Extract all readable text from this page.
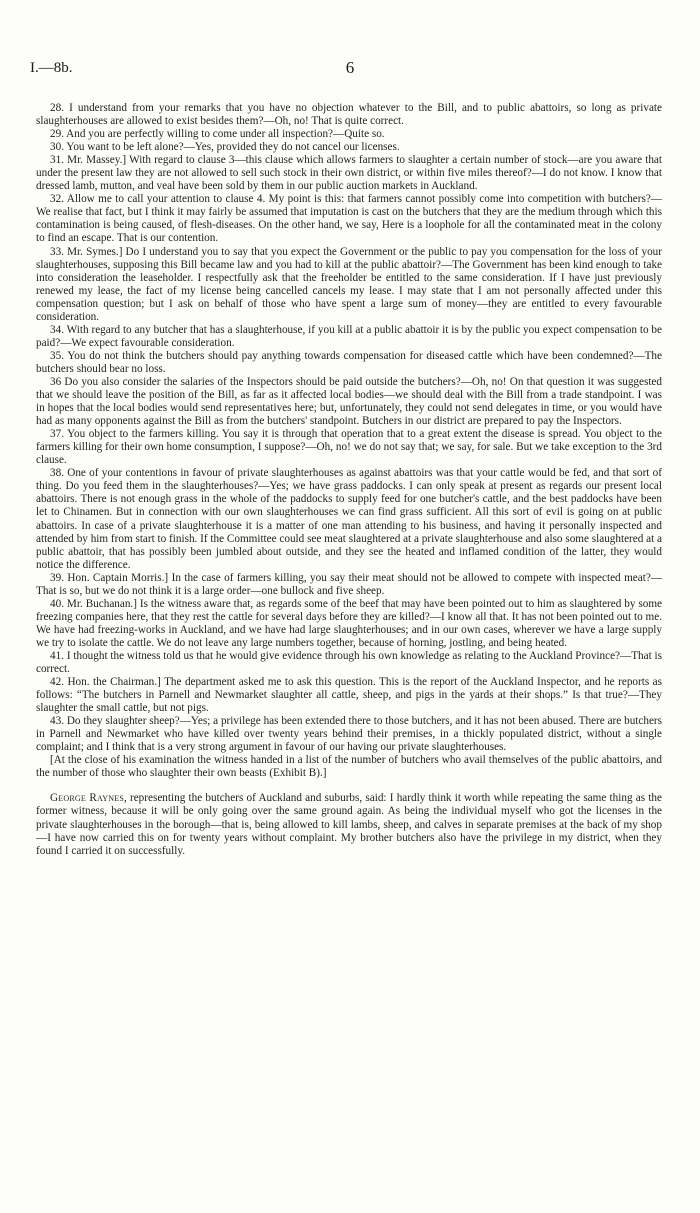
I.—8b.	6

28. I understand from your remarks that you have no objection whatever to the Bill, and to public abattoirs, so long as private slaughterhouses are allowed to exist besides them?—Oh, no! That is quite correct.

29. And you are perfectly willing to come under all inspection?—Quite so.

30. You want to be left alone?—Yes, provided they do not cancel our licenses.

31. Mr. Massey.] With regard to clause 3—this clause which allows farmers to slaughter a certain number of stock—are you aware that under the present law they are not allowed to sell such stock in their own district, or within five miles thereof?—I do not know. I know that dressed lamb, mutton, and veal have been sold by them in our public auction markets in Auckland.

32. Allow me to call your attention to clause 4. My point is this: that farmers cannot possibly come into competition with butchers?—We realise that fact, but I think it may fairly be assumed that imputation is cast on the butchers that they are the medium through which this contamination is being caused, of flesh-diseases. On the other hand, we say, Here is a loophole for all the contaminated meat in the colony to find an escape. That is our contention.

33. Mr. Symes.] Do I understand you to say that you expect the Government or the public to pay you compensation for the loss of your slaughterhouses, supposing this Bill became law and you had to kill at the public abattoir?—The Government has been kind enough to take into consideration the leaseholder. I respectfully ask that the freeholder be entitled to the same consideration. If I have just previously renewed my lease, the fact of my license being cancelled cancels my lease. I may state that I am not personally affected under this compensation question; but I ask on behalf of those who have spent a large sum of money—they are entitled to every favourable consideration.

34. With regard to any butcher that has a slaughterhouse, if you kill at a public abattoir it is by the public you expect compensation to be paid?—We expect favourable consideration.

35. You do not think the butchers should pay anything towards compensation for diseased cattle which have been condemned?—The butchers should bear no loss.

36 Do you also consider the salaries of the Inspectors should be paid outside the butchers?—Oh, no! On that question it was suggested that we should leave the position of the Bill, as far as it affected local bodies—we should deal with the Bill from a trade standpoint. I was in hopes that the local bodies would send representatives here; but, unfortunately, they could not send delegates in time, or you would have had as many opponents against the Bill as from the butchers' standpoint. Butchers in our district are prepared to pay the Inspectors.

37. You object to the farmers killing. You say it is through that operation that to a great extent the disease is spread. You object to the farmers killing for their own home consumption, I suppose?—Oh, no! we do not say that; we say, for sale. But we take exception to the 3rd clause.

38. One of your contentions in favour of private slaughterhouses as against abattoirs was that your cattle would be fed, and that sort of thing. Do you feed them in the slaughterhouses?—Yes; we have grass paddocks. I can only speak at present as regards our present local abattoirs. There is not enough grass in the whole of the paddocks to supply feed for one butcher's cattle, and the best paddocks have been let to Chinamen. But in connection with our own slaughterhouses we can find grass sufficient. All this sort of evil is going on at public abattoirs. In case of a private slaughterhouse it is a matter of one man attending to his business, and having it personally inspected and attended by him from start to finish. If the Committee could see meat slaughtered at a private slaughterhouse and also some slaughtered at a public abattoir, that has possibly been jumbled about outside, and they see the heated and inflamed condition of the latter, they would notice the difference.

39. Hon. Captain Morris.] In the case of farmers killing, you say their meat should not be allowed to compete with inspected meat?—That is so, but we do not think it is a large order—one bullock and five sheep.

40. Mr. Buchanan.] Is the witness aware that, as regards some of the beef that may have been pointed out to him as slaughtered by some freezing companies here, that they rest the cattle for several days before they are killed?—I know all that. It has not been pointed out to me. We have had freezing-works in Auckland, and we have had large slaughterhouses; and in our own cases, wherever we have a large supply we try to isolate the cattle. We do not leave any large numbers together, because of horning, jostling, and being heated.

41. I thought the witness told us that he would give evidence through his own knowledge as relating to the Auckland Province?—That is correct.

42. Hon. the Chairman.] The department asked me to ask this question. This is the report of the Auckland Inspector, and he reports as follows: “The butchers in Parnell and Newmarket slaughter all cattle, sheep, and pigs in the yards at their shops.” Is that true?—They slaughter the small cattle, but not pigs.

43. Do they slaughter sheep?—Yes; a privilege has been extended there to those butchers, and it has not been abused. There are butchers in Parnell and Newmarket who have killed over twenty years behind their premises, in a thickly populated district, without a single complaint; and I think that is a very strong argument in favour of our having our private slaughterhouses.

[At the close of his examination the witness handed in a list of the number of butchers who avail themselves of the public abattoirs, and the number of those who slaughter their own beasts (Exhibit B).]

George Raynes, representing the butchers of Auckland and suburbs, said: I hardly think it worth while repeating the same thing as the former witness, because it will be only going over the same ground again. As being the individual myself who got the licenses in the private slaughterhouses in the borough—that is, being allowed to kill lambs, sheep, and calves in separate premises at the back of my shop—I have now carried this on for twenty years without complaint. My brother butchers also have the privilege in my district, when they found I carried it on successfully.
